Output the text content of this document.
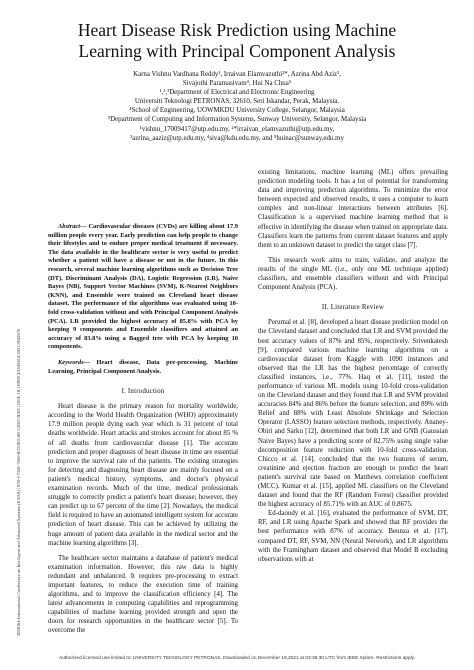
2020 8th International Conference on Intelligent and Advanced Systems (ICIAS) | 978-1-7281-7666-8/21/$31.00 ©2021 IEEE | DOI: 10.1109/ICIAS49414.2021.9642676
Heart Disease Risk Prediction using Machine
Learning with Principal Component Analysis
Karna Vishnu Vardhana Reddy¹, Irraivan Elamvazuthi²*, Azrina Abd Aziz³,
Sivajothi Paramasivam⁴, Hui Na Chua⁵
¹,²,³Department of Electrical and Electronic Engineering
Universiti Teknologi PETRONAS, 32610, Seri Iskandar, Perak, Malaysia.
⁴School of Engineering, UOWMKDU University College, Selangor, Malaysia
⁵Department of Computing and Information Systems, Sunway University, Selangor, Malaysia
¹vishnu_17009417@utp.edu.my, ²*irraivan_elamvazuthi@utp.edu.my,
³azrina_aaziz@utp.edu.my, ⁴siva@kdu.edu.my, and ⁵huinac@sunway.edu.my

Abstract— Cardiovascular diseases (CVDs) are killing about 17.9 million people every year. Early prediction can help people to change their lifestyles and to endure proper medical treatment if necessary. The data available in the healthcare sector is very useful to predict whether a patient will have a disease or not in the future. In this research, several machine learning algorithms such as Decision Tree (DT), Discriminant Analysis (DA), Logistic Regression (LR), Naive Bayes (NB), Support Vector Machines (SVM), K-Nearest Neighbors (KNN), and Ensemble were trained on Cleveland heart disease dataset. The performance of the algorithms was evaluated using 10-fold cross-validation without and with Principal Component Analysis (PCA). LR provided the highest accuracy of 85.8% with PCA by keeping 9 components and Ensemble classifiers and attained an accuracy of 83.8% using a Bagged tree with PCA by keeping 10 components.

Keywords— Heart disease, Data pre-processing, Machine Learning, Principal Component Analysis.

I. Introduction

Heart disease is the primary reason for mortality worldwide, according to the World Health Organization (WHO) approximately 17.9 million people dying each year which is 31 percent of total deaths worldwide. Heart attacks and strokes account for about 85 % of all deaths from cardiovascular disease [1]. The accurate prediction and proper diagnosis of heart disease in time are essential to improve the survival rate of the patients. The existing strategies for detecting and diagnosing heart disease are mainly focused on a patient's medical history, symptoms, and doctor's physical examination records. Much of the time, medical professionals struggle to correctly predict a patient's heart disease; however, they can predict up to 67 percent of the time [2]. Nowadays, the medical field is required to have an automated intelligent system for accurate prediction of heart disease. This can be achieved by utilizing the huge amount of patient data available in the medical sector and the machine learning algorithms [3].

The healthcare sector maintains a database of patient's medical examination information. However, this raw data is highly redundant and unbalanced. It requires pre-processing to extract important features, to reduce the execution time of training algorithms, and to improve the classification efficiency [4]. The latest advancements in computing capabilities and reprogramming capabilities of machine learning provided strength and open the doors for research opportunities in the healthcare sector [5]. To overcome the

existing limitations, machine learning (ML) offers prevailing prediction modeling tools. It has a lot of potential for transforming data and improving prediction algorithms. To minimize the error between expected and observed results, it uses a computer to learn complex and non-linear interactions between attributes [6]. Classification is a supervised machine learning method that is effective in identifying the disease when trained on appropriate data. Classifiers learn the patterns from current dataset features and apply them to an unknown dataset to predict the target class [7].

This research work aims to train, validate, and analyze the results of the single ML (i.e., only one ML technique applied) classifiers, and ensemble classifiers without and with Principal Component Analysis (PCA).

II. Literature Review

Perumal et al. [8], developed a heart disease prediction model on the Cleveland dataset and concluded that LR and SVM provided the best accuracy values of 87% and 85%, respectively. Srivenkatesh [9], compared various machine learning algorithms on a cardiovascular dataset from Kaggle with 1090 instances and observed that the LR has the highest percentage of correctly classified instances, i.e., 77%. Haq et al. [11], tested the performance of various ML models using 10-fold cross-validation on the Cleveland dataset and they found that LR and SVM provided accuracies 84% and 86% before the feature selection, and 89% with Relief and 88% with Least Absolute Shrinkage and Selection Operator (LASSO) feature selection methods, respectively. Ananey-Obiri and Sarku [12], determined that both LR and GNB (Gaussian Naive Bayes) have a predicting score of 82.75% using single value decomposition feature reduction with 10-fold cross-validation. Chicco et al. [14], concluded that the two features of serum, creatinine and ejection fraction are enough to predict the heart patient's survival rate based on Matthews correlation coefficient (MCC). Kumar et al. [15], applied ML classifiers on the Cleveland dataset and found that the RF (Random Forest) classifier provided the highest accuracy of 85.71% with an AUC of 0.8675.

Ed-daoudy et al. [16], evaluated the performance of SVM, DT, RF, and LR using Apache Spark and showed that RF provides the best performance with 87% of accuracy. Beunza et al. [17], compared DT, RF, SVM, NN (Neural Network), and LR algorithms with the Framingham dataset and observed that Model B excluding observations with at

Authorized licensed use limited to: UNIVERSITY TEKNOLOGY PETRONAS. Downloaded on December 19,2021 at 03:36:30 UTC from IEEE Xplore. Restrictions apply.
